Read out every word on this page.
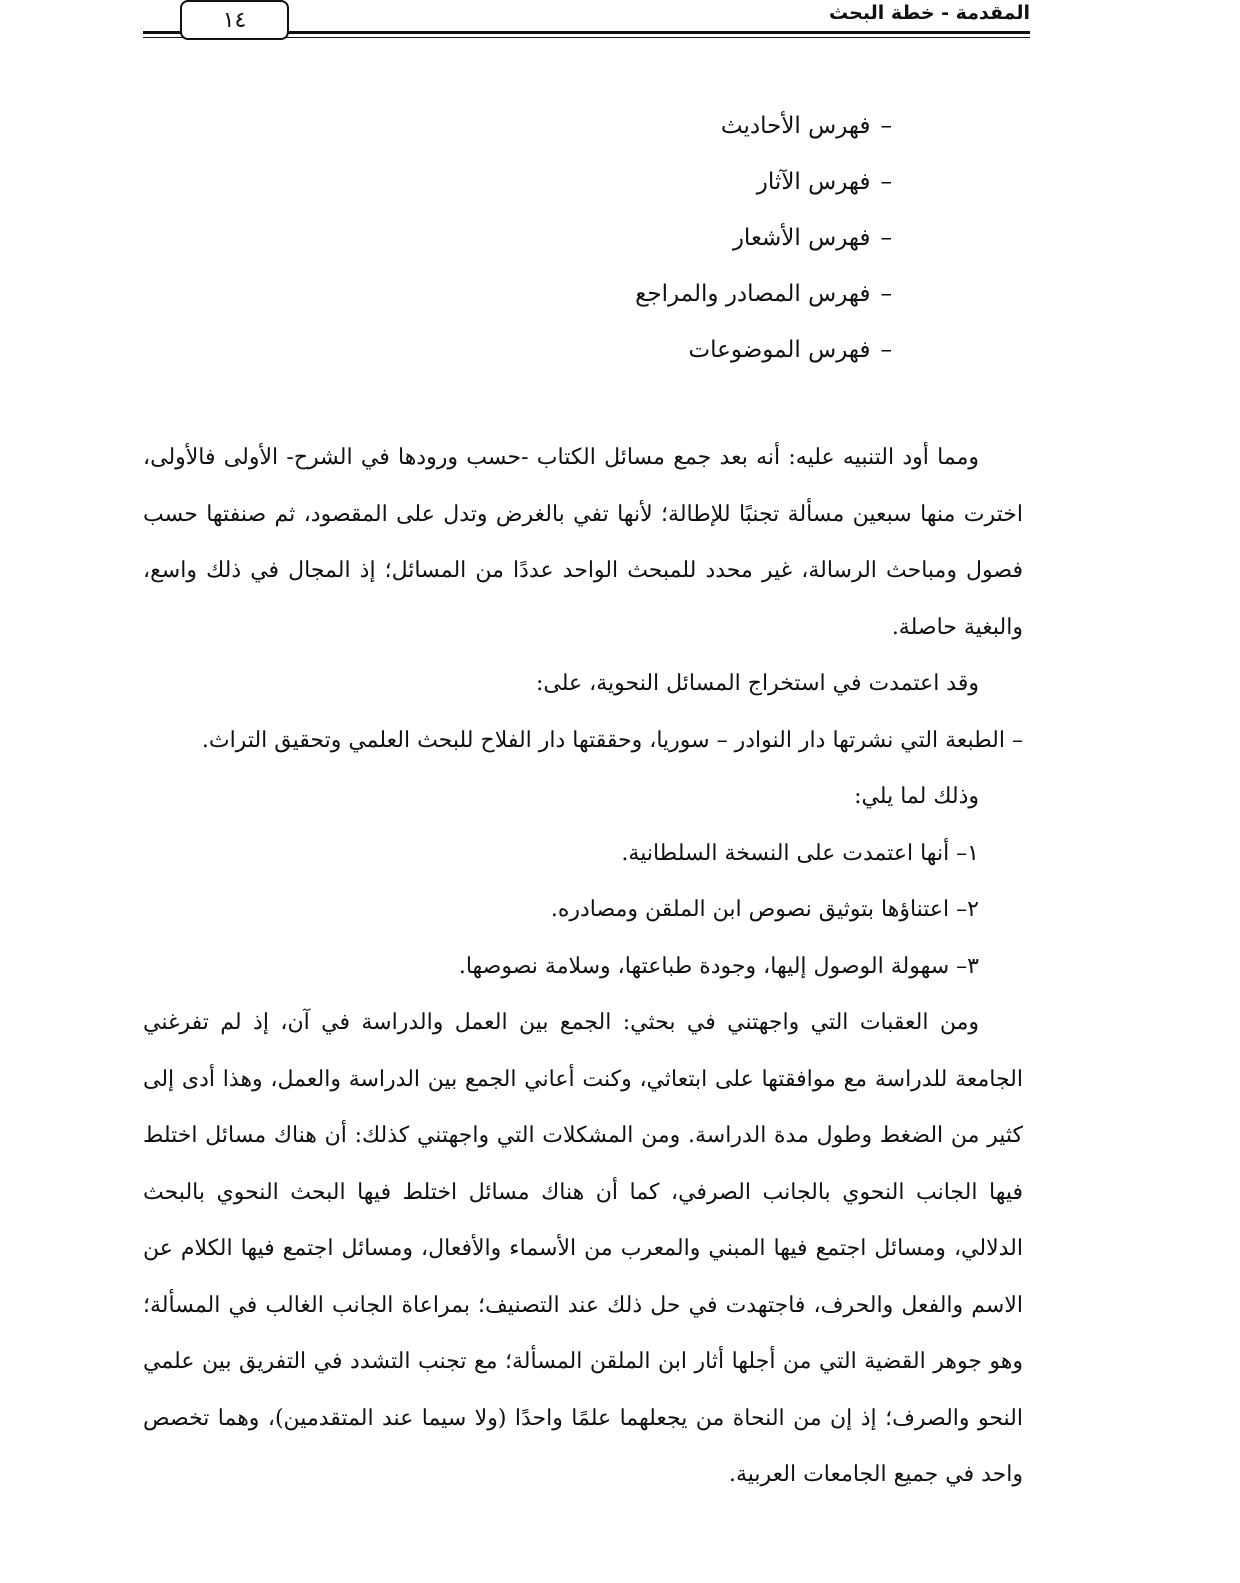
١٤	المقدمة - خطة البحث
–فهرس الأحاديث
–فهرس الآثار
–فهرس الأشعار
–فهرس المصادر والمراجع
–فهرس الموضوعات

ومما أود التنبيه عليه: أنه بعد جمع مسائل الكتاب -حسب ورودها في الشرح- الأولى فالأولى، اخترت منها سبعين مسألة تجنبًا للإطالة؛ لأنها تفي بالغرض وتدل على المقصود، ثم صنفتها حسب فصول ومباحث الرسالة، غير محدد للمبحث الواحد عددًا من المسائل؛ إذ المجال في ذلك واسع، والبغية حاصلة.

وقد اعتمدت في استخراج المسائل النحوية، على:

– الطبعة التي نشرتها دار النوادر – سوريا، وحققتها دار الفلاح للبحث العلمي وتحقيق التراث.

وذلك لما يلي:

١– أنها اعتمدت على النسخة السلطانية.

٢– اعتناؤها بتوثيق نصوص ابن الملقن ومصادره.

٣– سهولة الوصول إليها، وجودة طباعتها، وسلامة نصوصها.

ومن العقبات التي واجهتني في بحثي: الجمع بين العمل والدراسة في آن، إذ لم تفرغني الجامعة للدراسة مع موافقتها على ابتعاثي، وكنت أعاني الجمع بين الدراسة والعمل، وهذا أدى إلى كثير من الضغط وطول مدة الدراسة. ومن المشكلات التي واجهتني كذلك: أن هناك مسائل اختلط فيها الجانب النحوي بالجانب الصرفي، كما أن هناك مسائل اختلط فيها البحث النحوي بالبحث الدلالي، ومسائل اجتمع فيها المبني والمعرب من الأسماء والأفعال، ومسائل اجتمع فيها الكلام عن الاسم والفعل والحرف، فاجتهدت في حل ذلك عند التصنيف؛ بمراعاة الجانب الغالب في المسألة؛ وهو جوهر القضية التي من أجلها أثار ابن الملقن المسألة؛ مع تجنب التشدد في التفريق بين علمي النحو والصرف؛ إذ إن من النحاة من يجعلهما علمًا واحدًا (ولا سيما عند المتقدمين)، وهما تخصص واحد في جميع الجامعات العربية.
